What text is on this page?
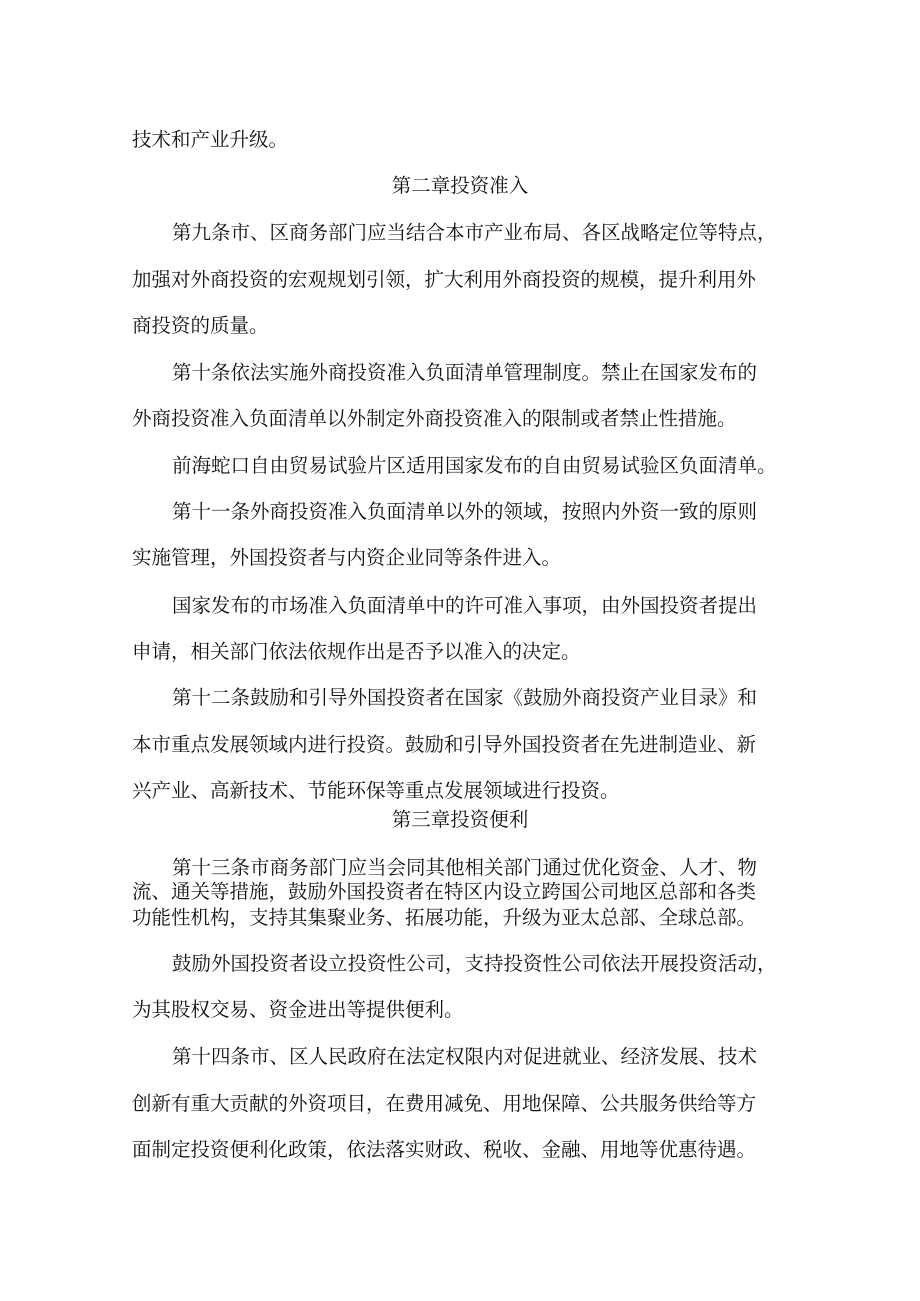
技术和产业升级。
第二章投资准入
第九条市、区商务部门应当结合本市产业布局、各区战略定位等特点，
加强对外商投资的宏观规划引领，扩大利用外商投资的规模，提升利用外
商投资的质量。
第十条依法实施外商投资准入负面清单管理制度。禁止在国家发布的
外商投资准入负面清单以外制定外商投资准入的限制或者禁止性措施。
前海蛇口自由贸易试验片区适用国家发布的自由贸易试验区负面清单。
第十一条外商投资准入负面清单以外的领域，按照内外资一致的原则
实施管理，外国投资者与内资企业同等条件进入。
国家发布的市场准入负面清单中的许可准入事项，由外国投资者提出
申请，相关部门依法依规作出是否予以准入的决定。
第十二条鼓励和引导外国投资者在国家《鼓励外商投资产业目录》和
本市重点发展领域内进行投资。鼓励和引导外国投资者在先进制造业、新
兴产业、高新技术、节能环保等重点发展领域进行投资。
第三章投资便利
第十三条市商务部门应当会同其他相关部门通过优化资金、人才、物
流、通关等措施，鼓励外国投资者在特区内设立跨国公司地区总部和各类
功能性机构，支持其集聚业务、拓展功能，升级为亚太总部、全球总部。
鼓励外国投资者设立投资性公司，支持投资性公司依法开展投资活动，
为其股权交易、资金进出等提供便利。
第十四条市、区人民政府在法定权限内对促进就业、经济发展、技术
创新有重大贡献的外资项目，在费用减免、用地保障、公共服务供给等方
面制定投资便利化政策，依法落实财政、税收、金融、用地等优惠待遇。
